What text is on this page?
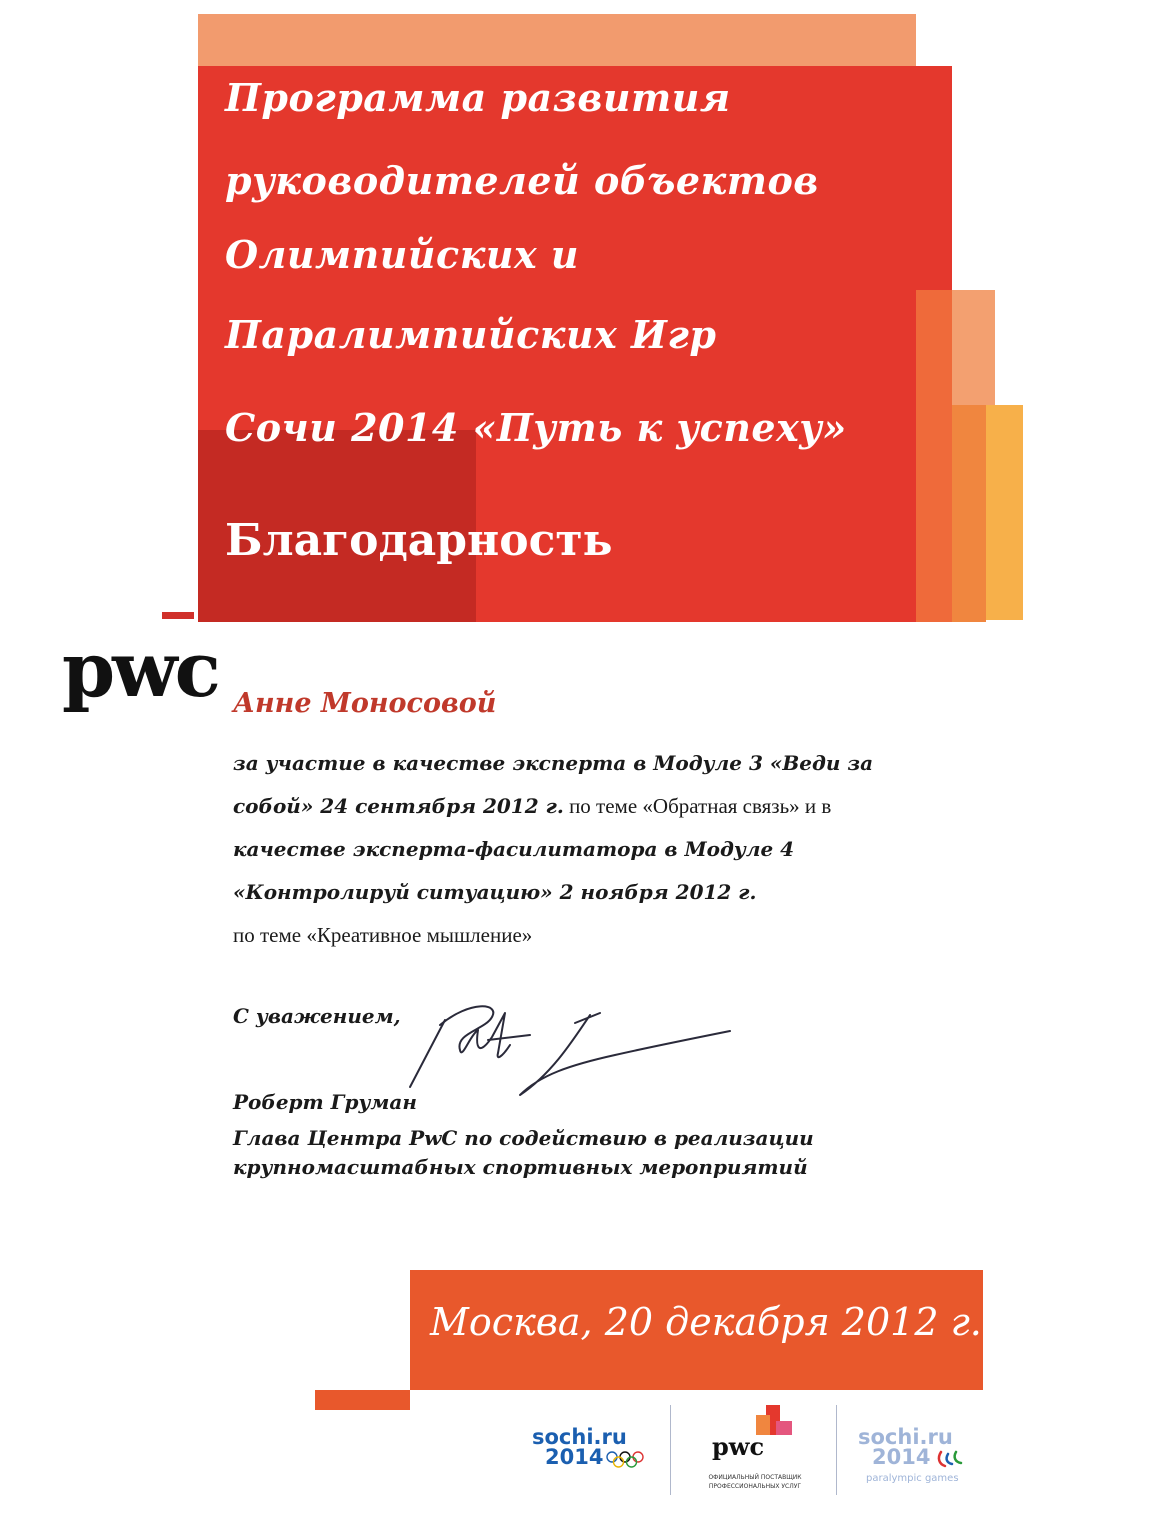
Программа развития
руководителей объектов
Олимпийских и
Паралимпийских Игр
Сочи 2014 «Путь к успеху»
Благодарность
pwc Анне Моносовой
за участие в качестве эксперта в Модуле 3 «Веди за
собой» 24 сентября 2012 г. по теме «Обратная связь» и в
качестве эксперта-фасилитатора в Модуле 4
«Контролируй ситуацию» 2 ноября 2012 г.
по теме «Креативное мышление»
С уважением,
Роберт Груман
Глава Центра PwC по содействию в реализации
крупномасштабных спортивных мероприятий
Москва, 20 декабря 2012 г.
sochi.ru
2014	pwc
ОФИЦИАЛЬНЫЙ ПОСТАВЩИК
ПРОФЕССИОНАЛЬНЫХ УСЛУГ
sochi.ru
2014
paralympic games
